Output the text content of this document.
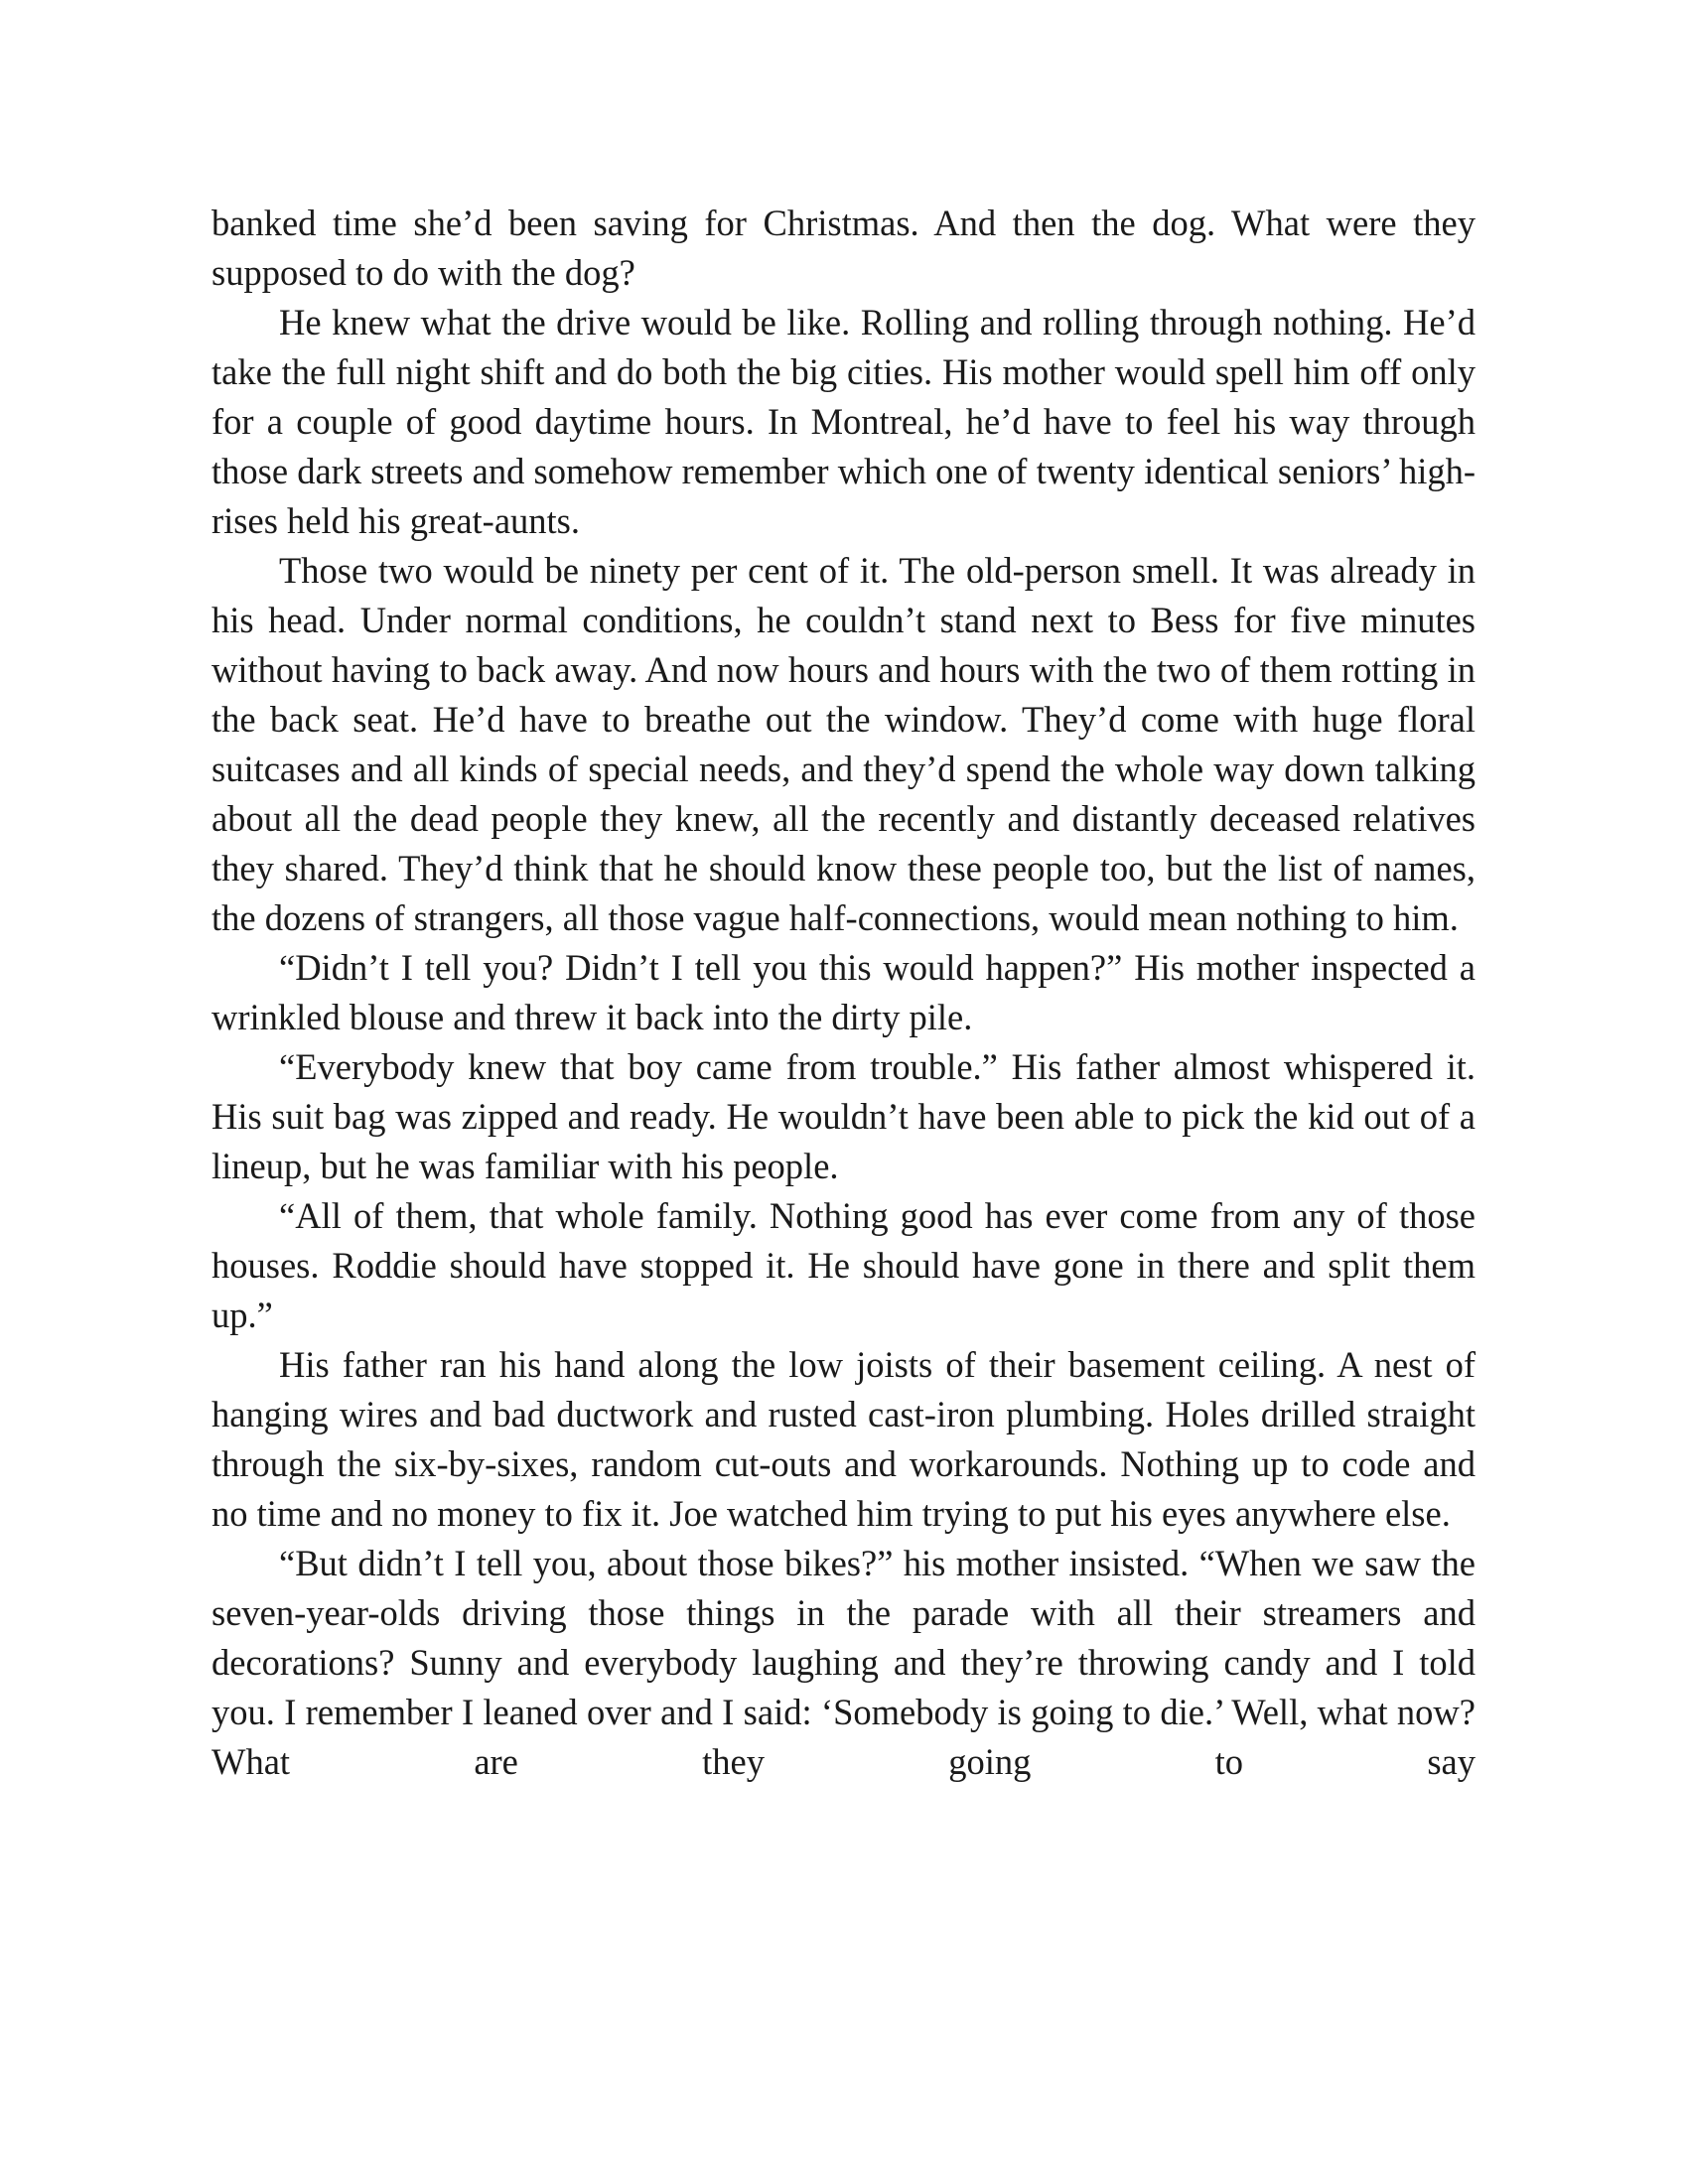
banked time she’d been saving for Christmas. And then the dog. What were they supposed to do with the dog?

He knew what the drive would be like. Rolling and rolling through nothing. He’d take the full night shift and do both the big cities. His mother would spell him off only for a couple of good daytime hours. In Montreal, he’d have to feel his way through those dark streets and somehow remember which one of twenty identical seniors’ high-rises held his great-aunts.

Those two would be ninety per cent of it. The old-person smell. It was already in his head. Under normal conditions, he couldn’t stand next to Bess for five minutes without having to back away. And now hours and hours with the two of them rotting in the back seat. He’d have to breathe out the window. They’d come with huge floral suitcases and all kinds of special needs, and they’d spend the whole way down talking about all the dead people they knew, all the recently and distantly deceased relatives they shared. They’d think that he should know these people too, but the list of names, the dozens of strangers, all those vague half-connections, would mean nothing to him.

“Didn’t I tell you? Didn’t I tell you this would happen?” His mother inspected a wrinkled blouse and threw it back into the dirty pile.

“Everybody knew that boy came from trouble.” His father almost whispered it. His suit bag was zipped and ready. He wouldn’t have been able to pick the kid out of a lineup, but he was familiar with his people.

“All of them, that whole family. Nothing good has ever come from any of those houses. Roddie should have stopped it. He should have gone in there and split them up.”

His father ran his hand along the low joists of their basement ceiling. A nest of hanging wires and bad ductwork and rusted cast-iron plumbing. Holes drilled straight through the six-by-sixes, random cut-outs and workarounds. Nothing up to code and no time and no money to fix it. Joe watched him trying to put his eyes anywhere else.

“But didn’t I tell you, about those bikes?” his mother insisted. “When we saw the seven-year-olds driving those things in the parade with all their streamers and decorations? Sunny and everybody laughing and they’re throwing candy and I told you. I remember I leaned over and I said: ‘Somebody is going to die.’ Well, what now? What are they going to say
